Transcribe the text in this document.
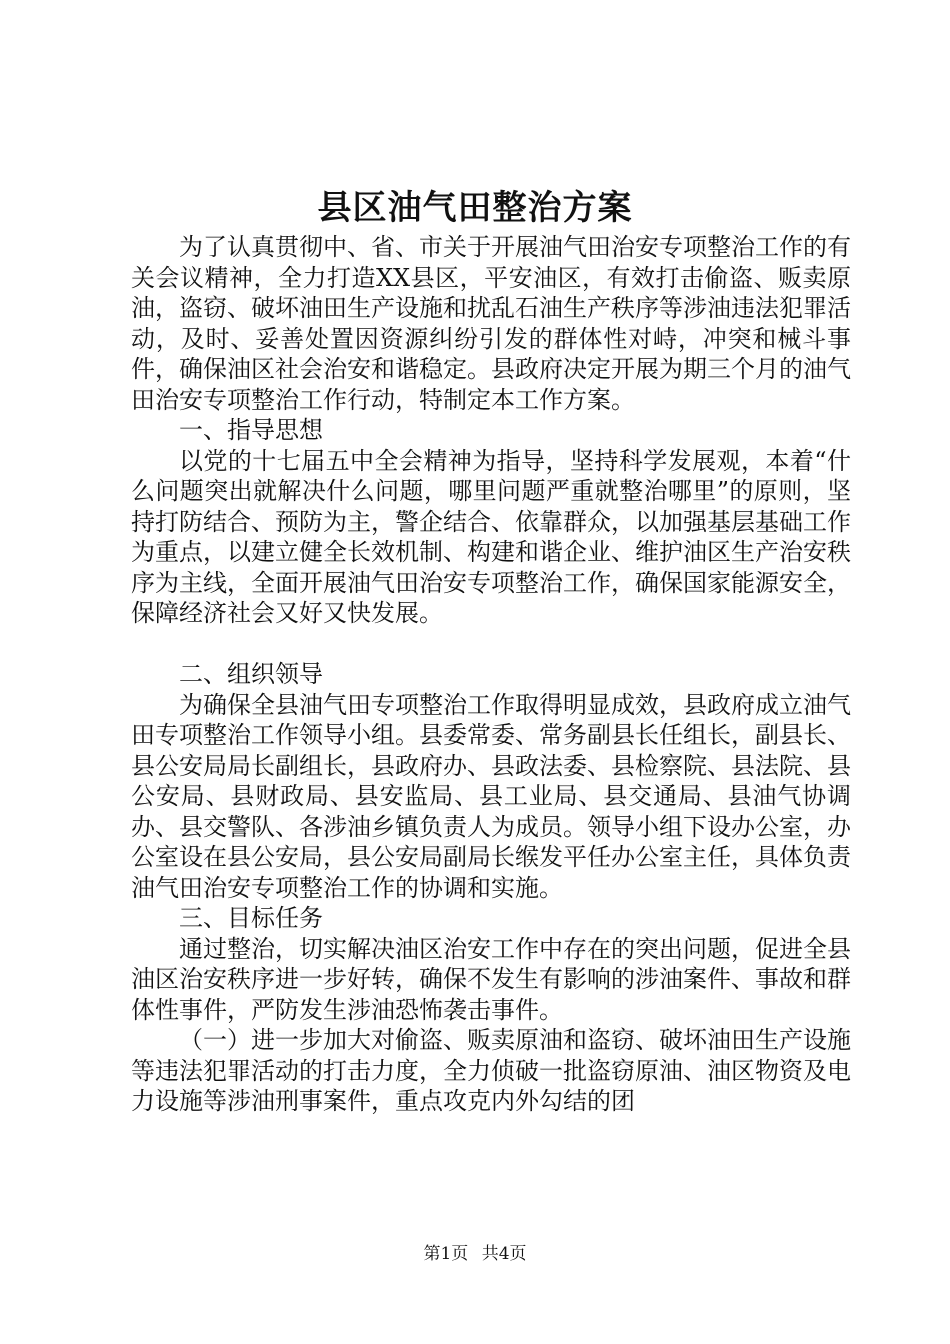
县区油气田整治方案

为了认真贯彻中、省、市关于开展油气田治安专项整治工作的有关会议精神，全力打造XX县区，平安油区，有效打击偷盗、贩卖原油，盗窃、破坏油田生产设施和扰乱石油生产秩序等涉油违法犯罪活动，及时、妥善处置因资源纠纷引发的群体性对峙，冲突和械斗事件，确保油区社会治安和谐稳定。县政府决定开展为期三个月的油气田治安专项整治工作行动，特制定本工作方案。

一、指导思想

以党的十七届五中全会精神为指导，坚持科学发展观，本着“什么问题突出就解决什么问题，哪里问题严重就整治哪里”的原则，坚持打防结合、预防为主，警企结合、依靠群众，以加强基层基础工作为重点，以建立健全长效机制、构建和谐企业、维护油区生产治安秩序为主线，全面开展油气田治安专项整治工作，确保国家能源安全，保障经济社会又好又快发展。

二、组织领导

为确保全县油气田专项整治工作取得明显成效，县政府成立油气田专项整治工作领导小组。县委常委、常务副县长任组长，副县长、县公安局局长副组长，县政府办、县政法委、县检察院、县法院、县公安局、县财政局、县安监局、县工业局、县交通局、县油气协调办、县交警队、各涉油乡镇负责人为成员。领导小组下设办公室，办公室设在县公安局，县公安局副局长缑发平任办公室主任，具体负责油气田治安专项整治工作的协调和实施。

三、目标任务

通过整治，切实解决油区治安工作中存在的突出问题，促进全县油区治安秩序进一步好转，确保不发生有影响的涉油案件、事故和群体性事件，严防发生涉油恐怖袭击事件。

（一）进一步加大对偷盗、贩卖原油和盗窃、破坏油田生产设施等违法犯罪活动的打击力度，全力侦破一批盗窃原油、油区物资及电力设施等涉油刑事案件，重点攻克内外勾结的团

第1页 共4页
